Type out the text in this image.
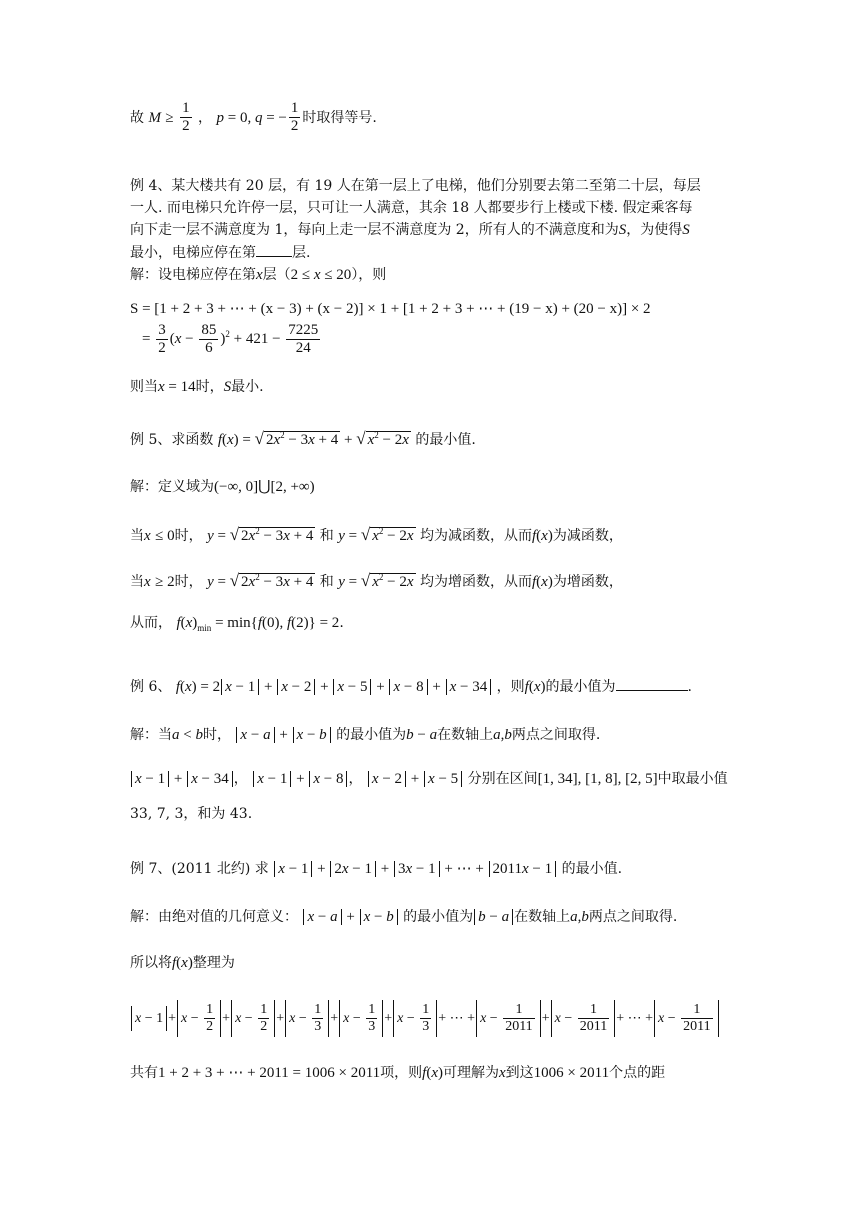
故 $M \ge \frac{1}{2}$ ， p = 0, q = − $\frac{1}{2}$ 时取得等号.
例 4、某大楼共有 20 层，有 19 人在第一层上了电梯，他们分别要去第二至第二十层，每层
一人. 而电梯只允许停一层，只可让一人满意，其余 18 人都要步行上楼或下楼. 假定乘客每
向下走一层不满意度为 1，每向上走一层不满意度为 2，所有人的不满意度和为S，为使得S
最小，电梯应停在第	层.
解：设电梯应停在第x层（2 ≤ x ≤ 20），则
S = [1 + 2 + 3 + ⋯ + (x − 3) + (x − 2)] × 1 + [1 + 2 + 3 + ⋯ + (19 − x) + (20 − x)] × 2
= $\frac{3}{2} (x - \frac{85}{6} )^2 + 421 - \frac{7225}{24}$
则当x = 14时，S最小.
例 5、求函数 f(x) = √ $2x^2 - 3x + 4$ + √ $x^2 - 2x$ 的最小值.
解：定义域为(−∞, 0]⋃[2, +∞)
当x ≤ 0时， y = √ $2x^2 - 3x + 4$ 和 y = √ $x^2 - 2x$ 均为减函数，从而f(x)为减函数，
当x ≥ 2时， y = √ $2x^2 - 3x + 4$ 和 y = √ $x^2 - 2x$ 均为增函数，从而f(x)为增函数，
从而， $f(x)_{min} = \min\{f(0)$, f(2)} = 2.
例 6、 f(x) = 2 x − 1 + x − 2 + x − 5 + x − 8 + x − 34 ，则f(x)的最小值为	.
解：当a < b时， x − a + x − b 的最小值为b − a在数轴上a,b两点之间取得.
x − 1 + x − 34 ， x − 1 + x − 8 ， x − 2 + x − 5 分别在区间[1, 34], [1, 8], [2, 5]中取最小值
33, 7, 3，和为 43.
例 7、(2011 北约) 求 x − 1 + 2x − 1 + 3x − 1 + ⋯ + 2011x − 1 的最小值.
解：由绝对值的几何意义： x − a + x − b 的最小值为 b − a 在数轴上a,b两点之间取得.
所以将f(x)整理为
$x - 1 + x - \frac{1}{2} + x - \frac{1}{2} + x - \frac{1}{3} + x - \frac{1}{3} + x - \frac{1}{3}$ + ⋯ + $x - \frac{1}{2011} + x - \frac{1}{2011}$ + ⋯ + $x - \frac{1}{2011}$
共有1 + 2 + 3 + ⋯ + 2011 = 1006 × 2011项，则f(x)可理解为x到这1006 × 2011个点的距
